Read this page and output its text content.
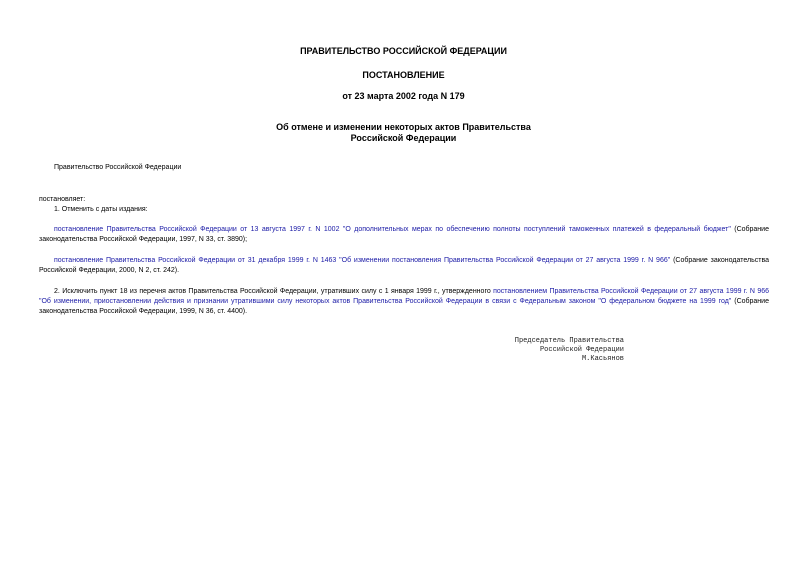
ПРАВИТЕЛЬСТВО РОССИЙСКОЙ ФЕДЕРАЦИИ
ПОСТАНОВЛЕНИЕ
от 23 марта 2002 года N 179
Об отмене и изменении некоторых актов Правительства
Российской Федерации
Правительство Российской Федерации
постановляет:
1. Отменить с даты издания:
постановление Правительства Российской Федерации от 13 августа 1997 г. N 1002 "О дополнительных мерах по обеспечению полноты поступлений таможенных платежей в федеральный бюджет" (Собрание законодательства Российской Федерации, 1997, N 33, ст. 3890);
постановление Правительства Российской Федерации от 31 декабря 1999 г. N 1463 "Об изменении постановления Правительства Российской Федерации от 27 августа 1999 г. N 966" (Собрание законодательства Российской Федерации, 2000, N 2, ст. 242).
2. Исключить пункт 18 из перечня актов Правительства Российской Федерации, утративших силу с 1 января 1999 г., утвержденного постановлением Правительства Российской Федерации от 27 августа 1999 г. N 966 "Об изменении, приостановлении действия и признании утратившими силу некоторых актов Правительства Российской Федерации в связи с Федеральным законом "О федеральном бюджете на 1999 год" (Собрание законодательства Российской Федерации, 1999, N 36, ст. 4400).
Председатель Правительства
Российской Федерации
М.Касьянов
